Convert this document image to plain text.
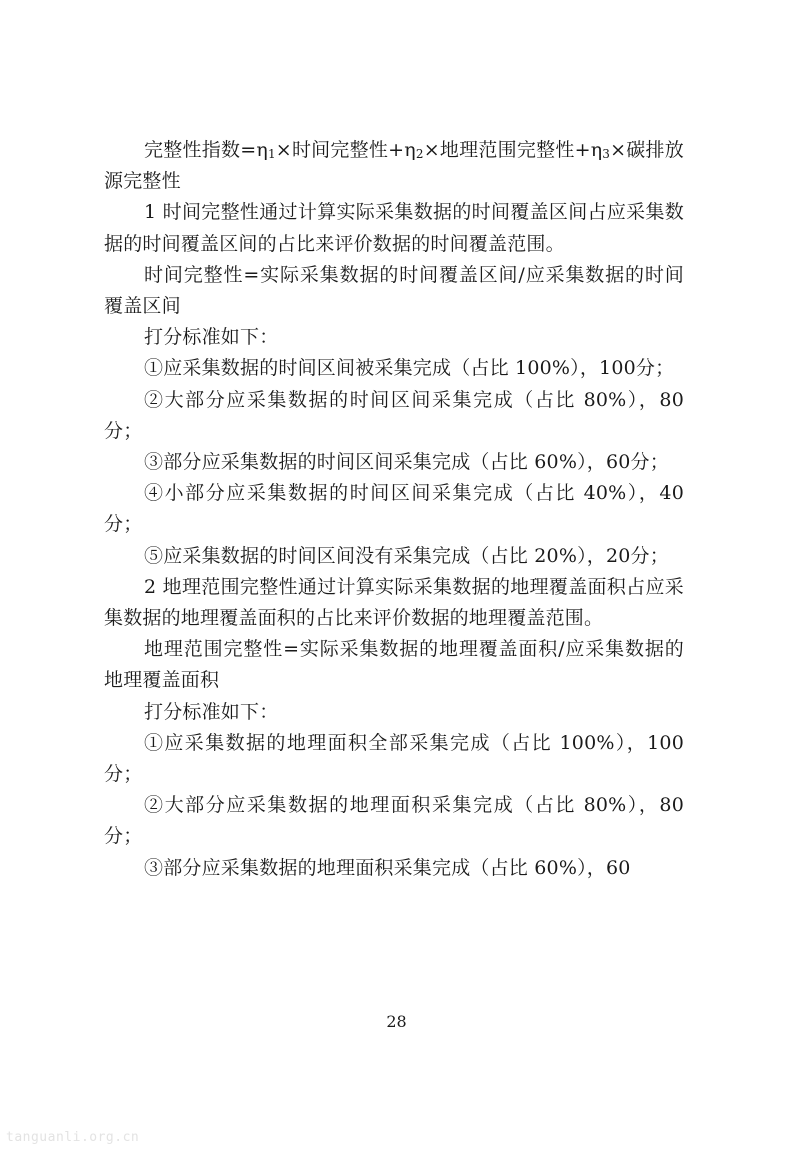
完整性指数$=\eta_1\times$时间完整性$+\eta_2\times$地理范围完整性$+\eta_3\times$碳排放源完整性

1 时间完整性通过计算实际采集数据的时间覆盖区间占应采集数据的时间覆盖区间的占比来评价数据的时间覆盖范围。

时间完整性=实际采集数据的时间覆盖区间/应采集数据的时间覆盖区间

打分标准如下：

①应采集数据的时间区间被采集完成（占比 100%），100分；

②大部分应采集数据的时间区间采集完成（占比 80%），80 分；

③部分应采集数据的时间区间采集完成（占比 60%），60分；

④小部分应采集数据的时间区间采集完成（占比 40%），40 分；

⑤应采集数据的时间区间没有采集完成（占比 20%），20分；

2 地理范围完整性通过计算实际采集数据的地理覆盖面积占应采集数据的地理覆盖面积的占比来评价数据的地理覆盖范围。

地理范围完整性=实际采集数据的地理覆盖面积/应采集数据的地理覆盖面积

打分标准如下：

①应采集数据的地理面积全部采集完成（占比 100%），100分；

②大部分应采集数据的地理面积采集完成（占比 80%），80 分；

③部分应采集数据的地理面积采集完成（占比 60%），60

28
tanguanli.org.cn
